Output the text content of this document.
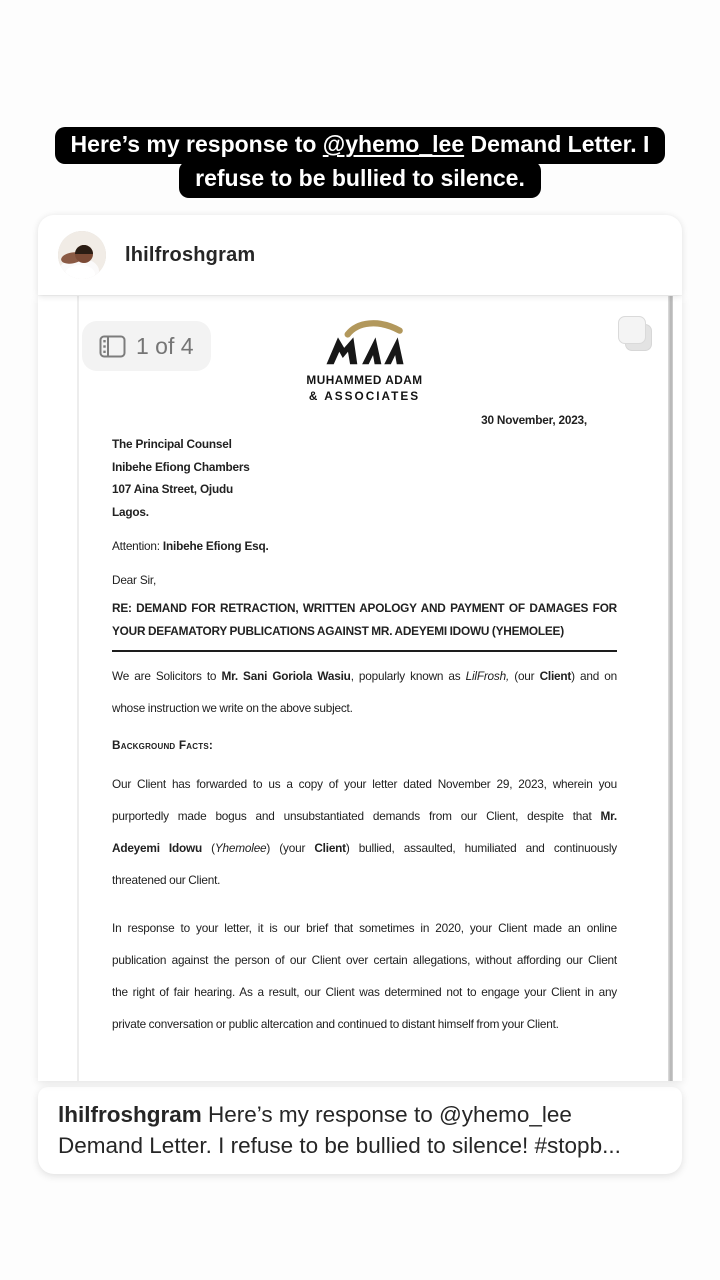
Here’s my response to @yhemo_lee Demand Letter. I
refuse to be bullied to silence.
lhilfroshgram
1 of 4
MUHAMMED ADAM
& ASSOCIATES
30 November, 2023,
The Principal Counsel
Inibehe Efiong Chambers
107 Aina Street, Ojudu
Lagos.
Attention: Inibehe Efiong Esq.
Dear Sir,
RE: DEMAND FOR RETRACTION, WRITTEN APOLOGY AND PAYMENT OF DAMAGES FOR
YOUR DEFAMATORY PUBLICATIONS AGAINST MR. ADEYEMI IDOWU (YHEMOLEE)
We are Solicitors to Mr. Sani Goriola Wasiu, popularly known as LilFrosh, (our Client) and on
whose instruction we write on the above subject.
Background Facts:
Our Client has forwarded to us a copy of your letter dated November 29, 2023, wherein you
purportedly made bogus and unsubstantiated demands from our Client, despite that Mr.
Adeyemi Idowu (Yhemolee) (your Client) bullied, assaulted, humiliated and continuously
threatened our Client.
In response to your letter, it is our brief that sometimes in 2020, your Client made an online
publication against the person of our Client over certain allegations, without affording our Client
the right of fair hearing. As a result, our Client was determined not to engage your Client in any
private conversation or public altercation and continued to distant himself from your Client.
lhilfroshgram Here’s my response to @yhemo_lee
Demand Letter. I refuse to be bullied to silence! #stopb...
